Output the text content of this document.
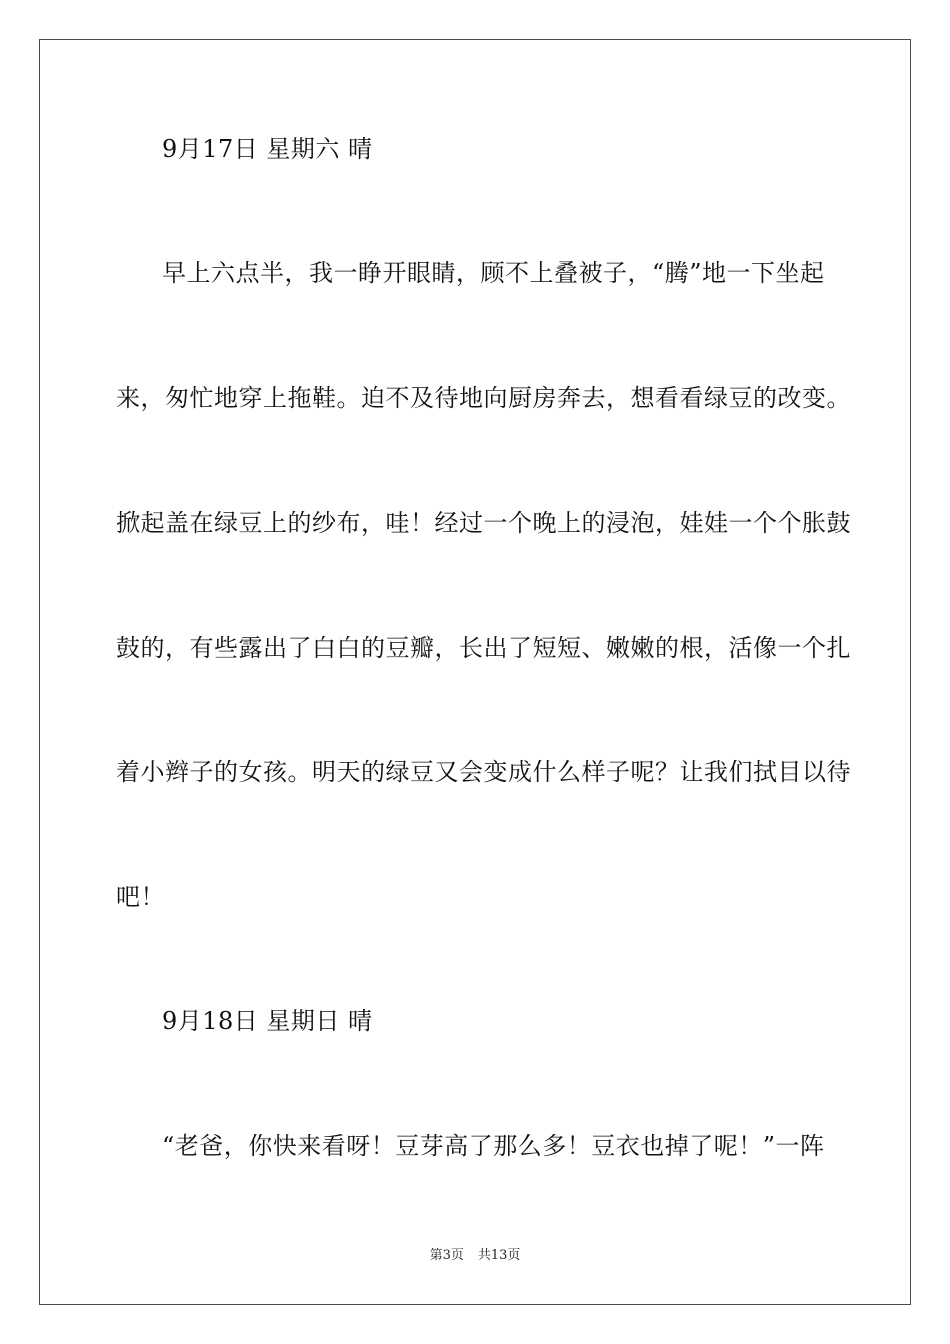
9月17日 星期六 晴
早上六点半，我一睁开眼睛，顾不上叠被子，“腾”地一下坐起
来，匆忙地穿上拖鞋。迫不及待地向厨房奔去，想看看绿豆的改变。
掀起盖在绿豆上的纱布，哇！经过一个晚上的浸泡，娃娃一个个胀鼓
鼓的，有些露出了白白的豆瓣，长出了短短、嫩嫩的根，活像一个扎
着小辫子的女孩。明天的绿豆又会变成什么样子呢？让我们拭目以待
吧！
9月18日 星期日 晴
“老爸，你快来看呀！豆芽高了那么多！豆衣也掉了呢！”一阵
第3页 共13页
